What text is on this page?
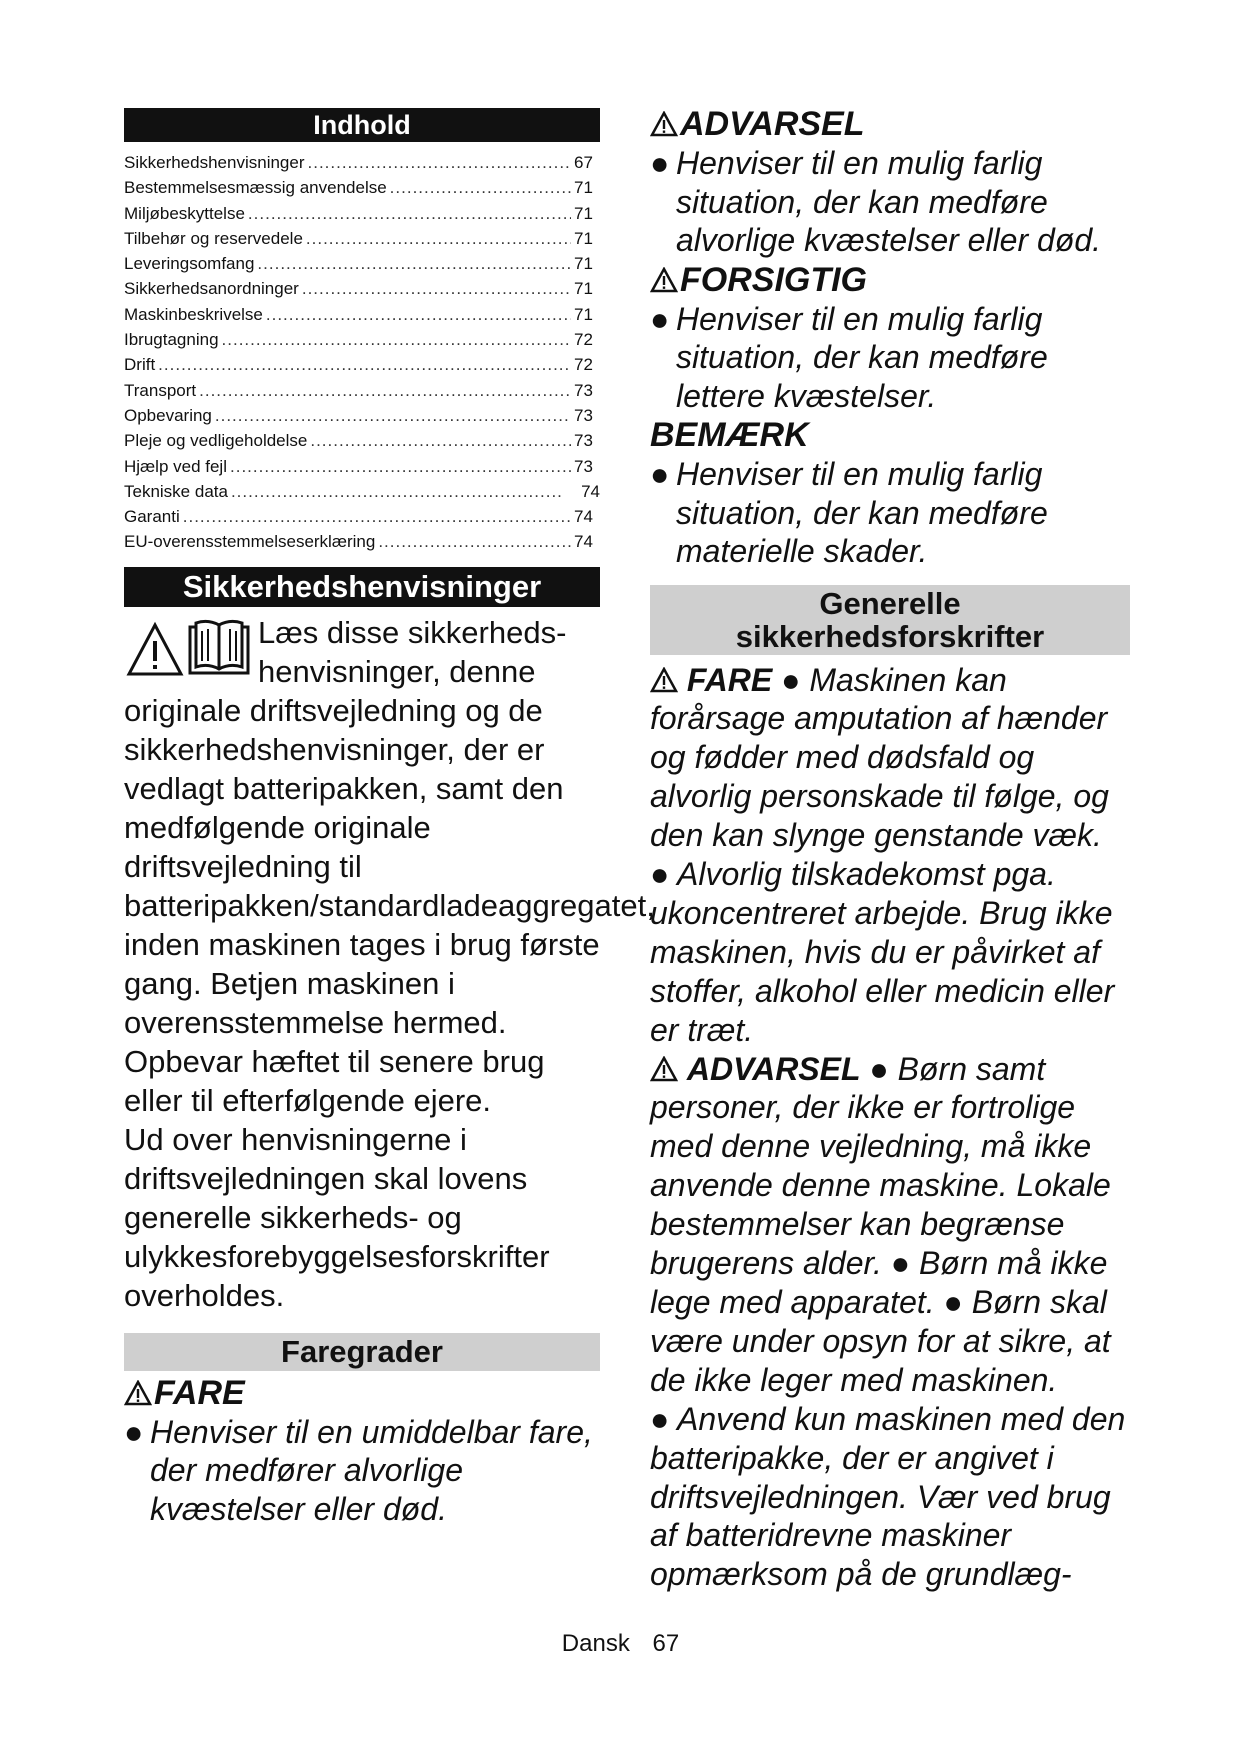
Indhold
Sikkerhedshenvisninger .....	67
Bestemmelsesmæssig anvendelse .....	71
Miljøbeskyttelse .....	71
Tilbehør og reservedele .....	71
Leveringsomfang .....	71
Sikkerhedsanordninger .....	71
Maskinbeskrivelse .....	71
Ibrugtagning .....	72
Drift .....	72
Transport .....	73
Opbevaring .....	73
Pleje og vedligeholdelse .....	73
Hjælp ved fejl .....	73
Tekniske data .....	74
Garanti .....	74
EU-overensstemmelseserklæring .....	74
Sikkerhedshenvisninger

Læs disse sikkerheds-

henvisninger, denne

originale driftsvejledning og de sikkerhedshenvisninger, der er vedlagt batteripakken, samt den medfølgende originale driftsvejledning til batteripakken/standardladeaggregatet, inden maskinen tages i brug første gang. Betjen maskinen i overensstemmelse hermed. Opbevar hæftet til senere brug eller til efterfølgende ejere.

Ud over henvisningerne i driftsvejledningen skal lovens generelle sikkerheds- og ulykkesforebyggelsesforskrifter overholdes.

Faregrader
FARE

● Henviser til en umiddelbar fare, der medfører alvorlige kvæstelser eller død.

ADVARSEL

● Henviser til en mulig farlig situation, der kan medføre alvorlige kvæstelser eller død.

FORSIGTIG

● Henviser til en mulig farlig situation, der kan medføre lettere kvæstelser.

BEMÆRK

● Henviser til en mulig farlig situation, der kan medføre materielle skader.

Generelle
sikkerhedsforskrifter

FARE ● Maskinen kan forårsage amputation af hænder og fødder med dødsfald og alvorlig personskade til følge, og den kan slynge genstande væk.

● Alvorlig tilskadekomst pga. ukoncentreret arbejde. Brug ikke maskinen, hvis du er påvirket af stoffer, alkohol eller medicin eller er træt.

ADVARSEL ● Børn samt personer, der ikke er fortrolige med denne vejledning, må ikke anvende denne maskine. Lokale bestemmelser kan begrænse brugerens alder. ● Børn må ikke lege med apparatet. ● Børn skal være under opsyn for at sikre, at de ikke leger med maskinen.

● Anvend kun maskinen med den batteripakke, der er angivet i driftsvejledningen. Vær ved brug af batteridrevne maskiner opmærksom på de grundlæg-

Dansk 67
